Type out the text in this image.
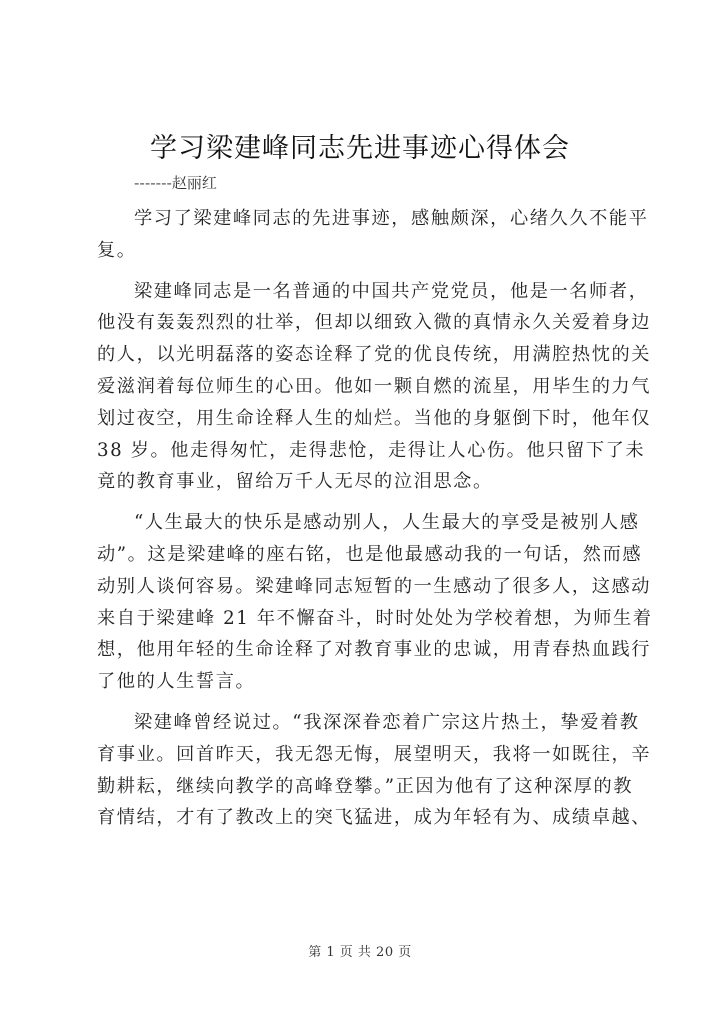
学习梁建峰同志先进事迹心得体会
-------赵丽红

学习了梁建峰同志的先进事迹，感触颇深，心绪久久不能平
复。

梁建峰同志是一名普通的中国共产党党员，他是一名师者，
他没有轰轰烈烈的壮举，但却以细致入微的真情永久关爱着身边
的人，以光明磊落的姿态诠释了党的优良传统，用满腔热忱的关
爱滋润着每位师生的心田。他如一颗自燃的流星，用毕生的力气
划过夜空，用生命诠释人生的灿烂。当他的身躯倒下时，他年仅
38 岁。他走得匆忙，走得悲怆，走得让人心伤。他只留下了未
竟的教育事业，留给万千人无尽的泣泪思念。

“人生最大的快乐是感动别人，人生最大的享受是被别人感
动”。这是梁建峰的座右铭，也是他最感动我的一句话，然而感
动别人谈何容易。梁建峰同志短暂的一生感动了很多人，这感动
来自于梁建峰 21 年不懈奋斗，时时处处为学校着想，为师生着
想，他用年轻的生命诠释了对教育事业的忠诚，用青春热血践行
了他的人生誓言。

梁建峰曾经说过。“我深深眷恋着广宗这片热土，挚爱着教
育事业。回首昨天，我无怨无悔，展望明天，我将一如既往，辛
勤耕耘，继续向教学的高峰登攀。”正因为他有了这种深厚的教
育情结，才有了教改上的突飞猛进，成为年轻有为、成绩卓越、

第 1 页 共 20 页
